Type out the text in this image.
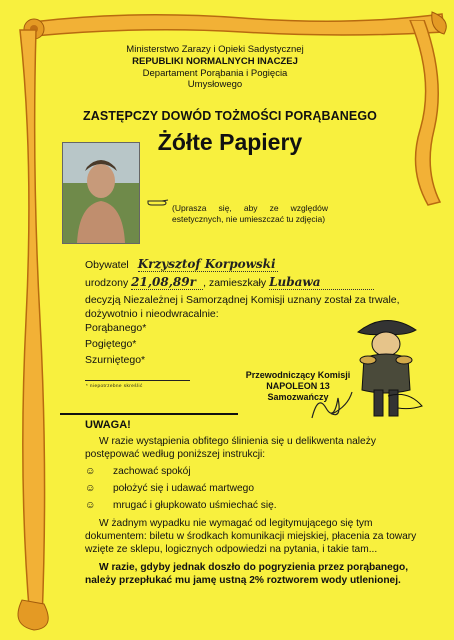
Ministerstwo Zarazy i Opieki Sadystycznej
REPUBLIKI NORMALNYCH INACZEJ
Departament Porąbania i Pogięcia
Umysłowego
ZASTĘPCZY DOWÓD TOŻMOŚCI PORĄBANEGO
Żółte Papiery
(Uprasza się, aby ze względów estetycznych, nie umieszczać tu zdjęcia)
Obywatel Krzysztof Korpowski
urodzony 21,08,89r , zamieszkały Lubawa
decyzją Niezależnej i Samorządnej Komisji uznany został za trwale,
dożywotnio i nieodwracalnie:
Porąbanego*
Pogiętego*
Szurniętego*
* niepotrzebne skreślić
Przewodniczący Komisji
NAPOLEON 13
Samozwańczy
UWAGA!
W razie wystąpienia obfitego ślinienia się u delikwenta należy
postępować według poniższej instrukcji:
☺ zachować spokój
☺ położyć się i udawać martwego
☺ mrugać i głupkowato uśmiechać się.
W żadnym wypadku nie wymagać od legitymującego się tym
dokumentem: biletu w środkach komunikacji miejskiej, płacenia za towary
wzięte ze sklepu, logicznych odpowiedzi na pytania, i takie tam...
W razie, gdyby jednak doszło do pogryzienia przez porąbanego,
należy przepłukać mu jamę ustną 2% roztworem wody utlenionej.
